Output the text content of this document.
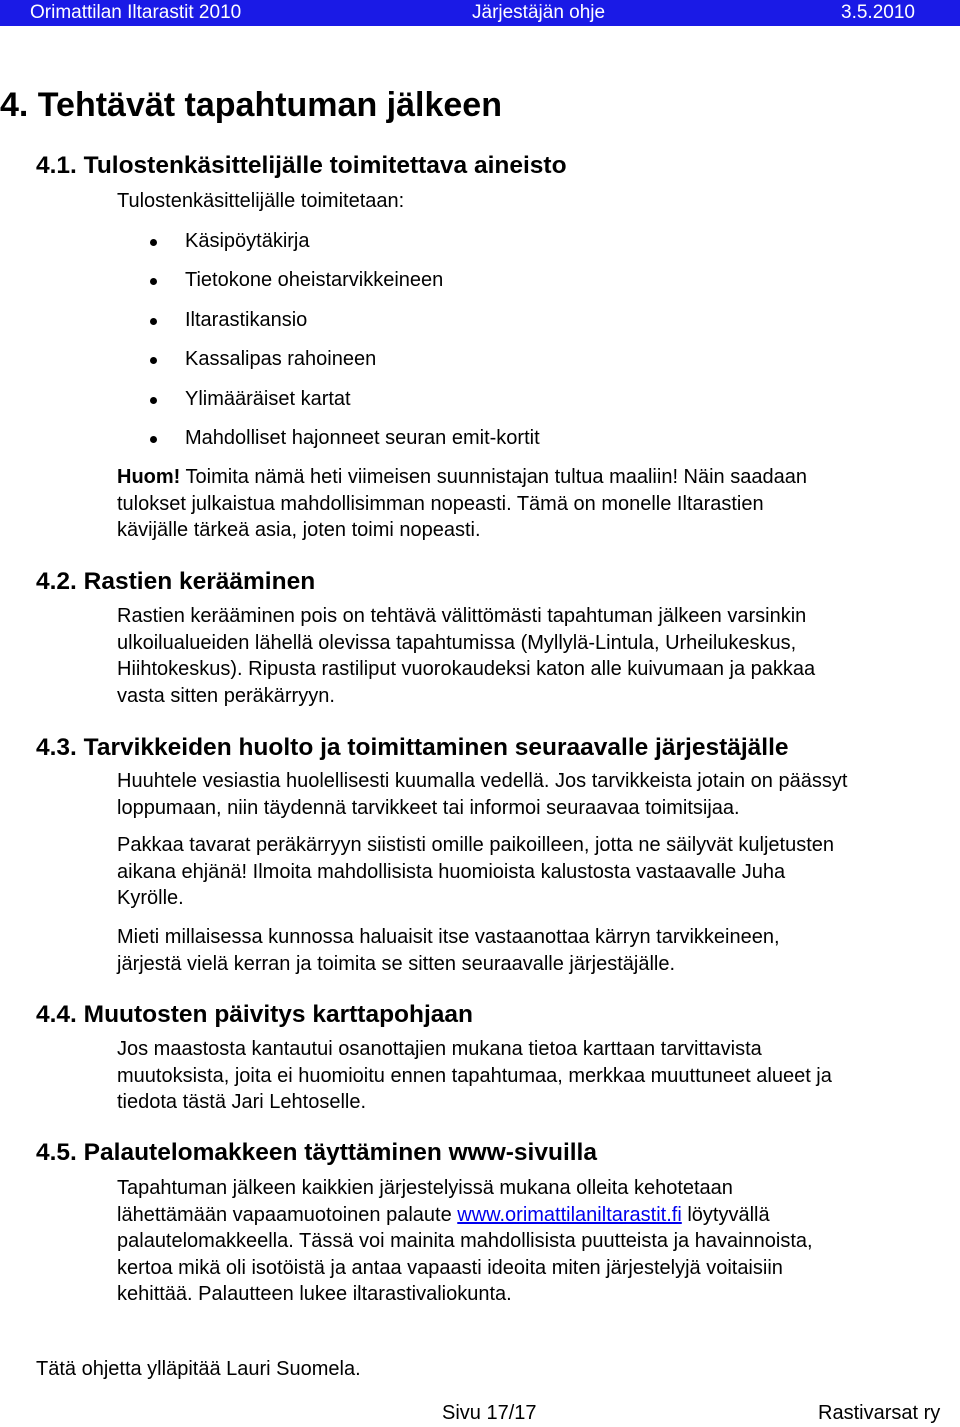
Orimattilan Iltarastit 2010	Järjestäjän ohje	3.5.2010
4. Tehtävät tapahtuman jälkeen
4.1. Tulostenkäsittelijälle toimitettava aineisto
Tulostenkäsittelijälle toimitetaan:
Käsipöytäkirja
Tietokone oheistarvikkeineen
Iltarastikansio
Kassalipas rahoineen
Ylimääräiset kartat
Mahdolliset hajonneet seuran emit-kortit
Huom! Toimita nämä heti viimeisen suunnistajan tultua maaliin! Näin saadaan
tulokset julkaistua mahdollisimman nopeasti. Tämä on monelle Iltarastien
kävijälle tärkeä asia, joten toimi nopeasti.
4.2. Rastien kerääminen
Rastien kerääminen pois on tehtävä välittömästi tapahtuman jälkeen varsinkin
ulkoilualueiden lähellä olevissa tapahtumissa (Myllylä-Lintula, Urheilukeskus,
Hiihtokeskus). Ripusta rastiliput vuorokaudeksi katon alle kuivumaan ja pakkaa
vasta sitten peräkärryyn.
4.3. Tarvikkeiden huolto ja toimittaminen seuraavalle järjestäjälle
Huuhtele vesiastia huolellisesti kuumalla vedellä. Jos tarvikkeista jotain on päässyt
loppumaan, niin täydennä tarvikkeet tai informoi seuraavaa toimitsijaa.
Pakkaa tavarat peräkärryyn siististi omille paikoilleen, jotta ne säilyvät kuljetusten
aikana ehjänä! Ilmoita mahdollisista huomioista kalustosta vastaavalle Juha
Kyrölle.
Mieti millaisessa kunnossa haluaisit itse vastaanottaa kärryn tarvikkeineen,
järjestä vielä kerran ja toimita se sitten seuraavalle järjestäjälle.
4.4. Muutosten päivitys karttapohjaan
Jos maastosta kantautui osanottajien mukana tietoa karttaan tarvittavista
muutoksista, joita ei huomioitu ennen tapahtumaa, merkkaa muuttuneet alueet ja
tiedota tästä Jari Lehtoselle.
4.5. Palautelomakkeen täyttäminen www-sivuilla
Tapahtuman jälkeen kaikkien järjestelyissä mukana olleita kehotetaan
lähettämään vapaamuotoinen palaute www.orimattilaniltarastit.fi löytyvällä
palautelomakkeella. Tässä voi mainita mahdollisista puutteista ja havainnoista,
kertoa mikä oli isotöistä ja antaa vapaasti ideoita miten järjestelyjä voitaisiin
kehittää. Palautteen lukee iltarastivaliokunta.
Tätä ohjetta ylläpitää Lauri Suomela.
Sivu 17/17	Rastivarsat ry
